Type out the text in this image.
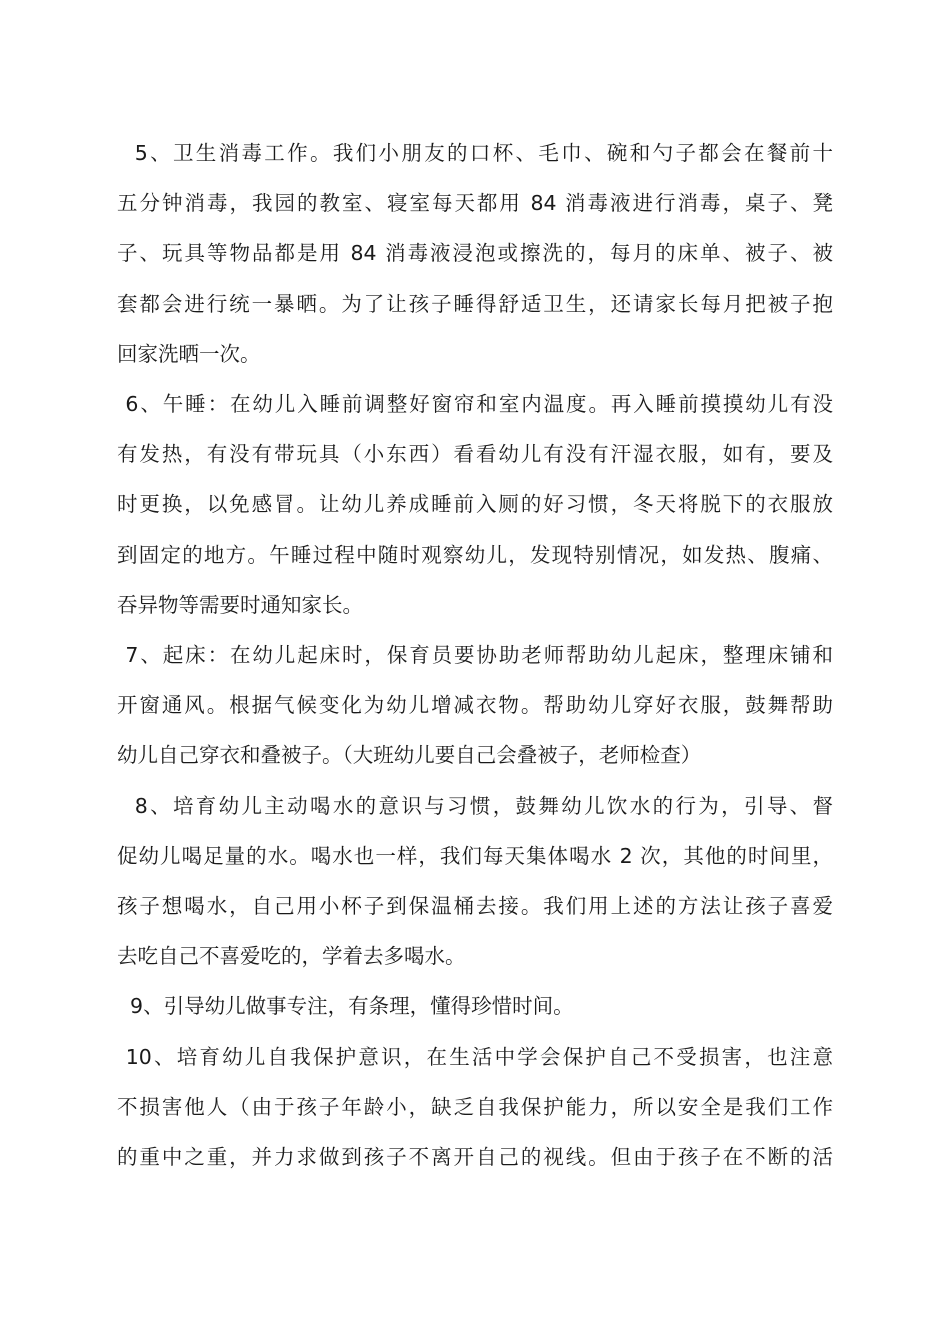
5、卫生消毒工作。我们小朋友的口杯、毛巾、碗和勺子都会在餐前十
五分钟消毒，我园的教室、寝室每天都用 84 消毒液进行消毒，桌子、凳
子、玩具等物品都是用 84 消毒液浸泡或擦洗的，每月的床单、被子、被
套都会进行统一暴晒。为了让孩子睡得舒适卫生，还请家长每月把被子抱
回家洗晒一次。
6、午睡：在幼儿入睡前调整好窗帘和室内温度。再入睡前摸摸幼儿有没
有发热，有没有带玩具（小东西）看看幼儿有没有汗湿衣服，如有，要及
时更换，以免感冒。让幼儿养成睡前入厕的好习惯，冬天将脱下的衣服放
到固定的地方。午睡过程中随时观察幼儿，发现特别情况，如发热、腹痛、
吞异物等需要时通知家长。
7、起床：在幼儿起床时，保育员要协助老师帮助幼儿起床，整理床铺和
开窗通风。根据气候变化为幼儿增减衣物。帮助幼儿穿好衣服，鼓舞帮助
幼儿自己穿衣和叠被子。（大班幼儿要自己会叠被子，老师检查）
8、培育幼儿主动喝水的意识与习惯，鼓舞幼儿饮水的行为，引导、督
促幼儿喝足量的水。喝水也一样，我们每天集体喝水 2 次，其他的时间里，
孩子想喝水，自己用小杯子到保温桶去接。我们用上述的方法让孩子喜爱
去吃自己不喜爱吃的，学着去多喝水。
9、引导幼儿做事专注，有条理，懂得珍惜时间。
10、培育幼儿自我保护意识，在生活中学会保护自己不受损害，也注意
不损害他人（由于孩子年龄小，缺乏自我保护能力，所以安全是我们工作
的重中之重，并力求做到孩子不离开自己的视线。但由于孩子在不断的活
